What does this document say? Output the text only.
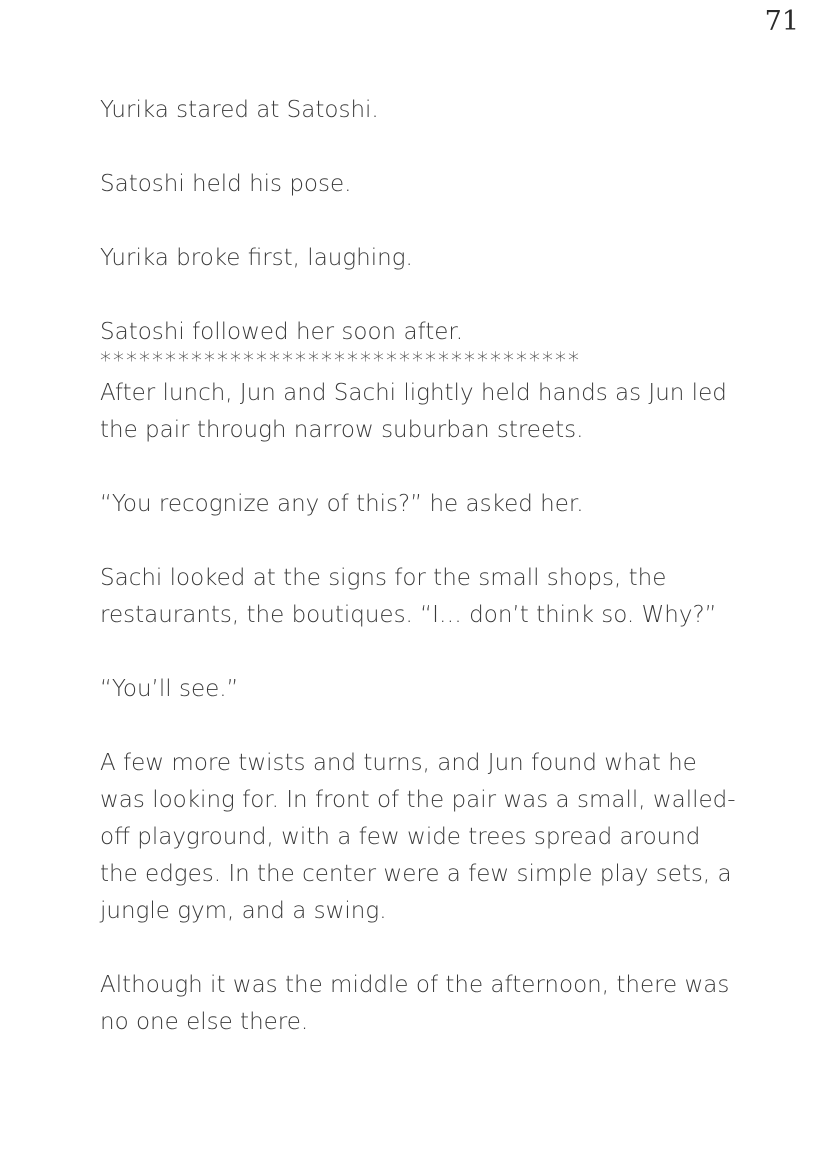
71

Yurika stared at Satoshi.

Satoshi held his pose.

Yurika broke first, laughing.

Satoshi followed her soon after.

*************************************

After lunch, Jun and Sachi lightly held hands as Jun led the pair through narrow suburban streets.

“You recognize any of this?” he asked her.

Sachi looked at the signs for the small shops, the restaurants, the boutiques. “I… don’t think so. Why?”

“You’ll see.”

A few more twists and turns, and Jun found what he was looking for. In front of the pair was a small, walled-off playground, with a few wide trees spread around the edges. In the center were a few simple play sets, a jungle gym, and a swing.

Although it was the middle of the afternoon, there was no one else there.
